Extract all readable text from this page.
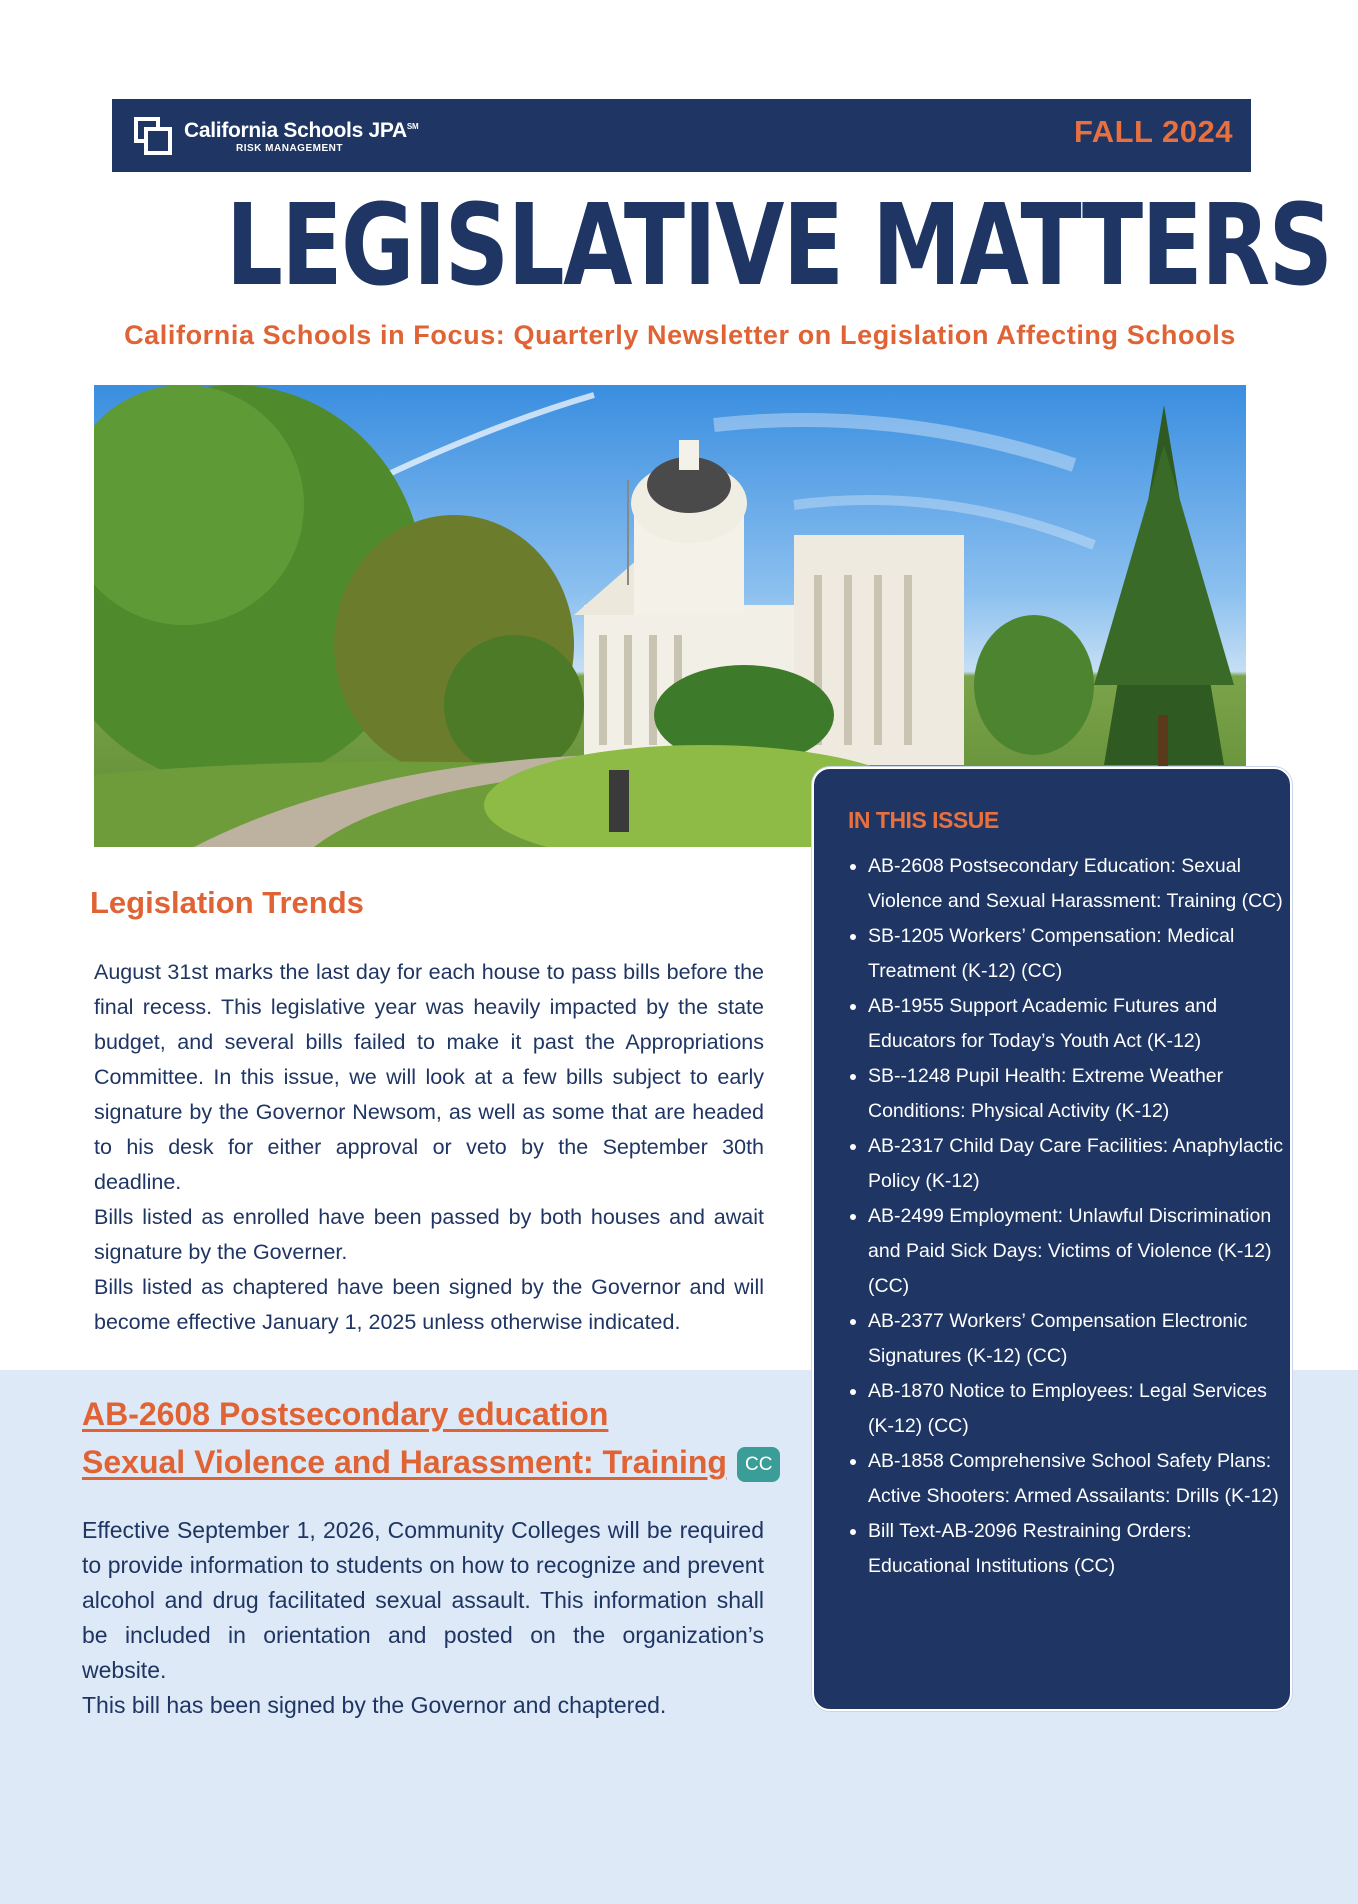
California Schools JPA℠
RISK MANAGEMENT	FALL 2024
LEGISLATIVE MATTERS
California Schools in Focus: Quarterly Newsletter on Legislation Affecting Schools
Legislation Trends

August 31st marks the last day for each house to pass bills before the final recess. This legislative year was heavily impacted by the state budget, and several bills failed to make it past the Appropriations Committee. In this issue, we will look at a few bills subject to early signature by the Governor Newsom, as well as some that are headed to his desk for either approval or veto by the September 30th deadline.

Bills listed as enrolled have been passed by both houses and await signature by the Governer.

Bills listed as chaptered have been signed by the Governor and will become effective January 1, 2025 unless otherwise indicated.

AB-2608 Postsecondary education
Sexual Violence and Harassment: Training CC

Effective September 1, 2026, Community Colleges will be required to provide information to students on how to recognize and prevent alcohol and drug facilitated sexual assault. This information shall be included in orientation and posted on the organization’s website.

This bill has been signed by the Governor and chaptered.

IN THIS ISSUE
• AB-2608 Postsecondary Education: Sexual Violence and Sexual Harassment: Training (CC)
• SB-1205 Workers’ Compensation: Medical Treatment (K-12) (CC)
• AB-1955 Support Academic Futures and Educators for Today’s Youth Act (K-12)
• SB--1248 Pupil Health: Extreme Weather Conditions: Physical Activity (K-12)
• AB-2317 Child Day Care Facilities: Anaphylactic Policy (K-12)
• AB-2499 Employment: Unlawful Discrimination and Paid Sick Days: Victims of Violence (K-12) (CC)
• AB-2377 Workers’ Compensation Electronic Signatures (K-12) (CC)
• AB-1870 Notice to Employees: Legal Services (K-12) (CC)
• AB-1858 Comprehensive School Safety Plans: Active Shooters: Armed Assailants: Drills (K-12)
• Bill Text-AB-2096 Restraining Orders: Educational Institutions (CC)
